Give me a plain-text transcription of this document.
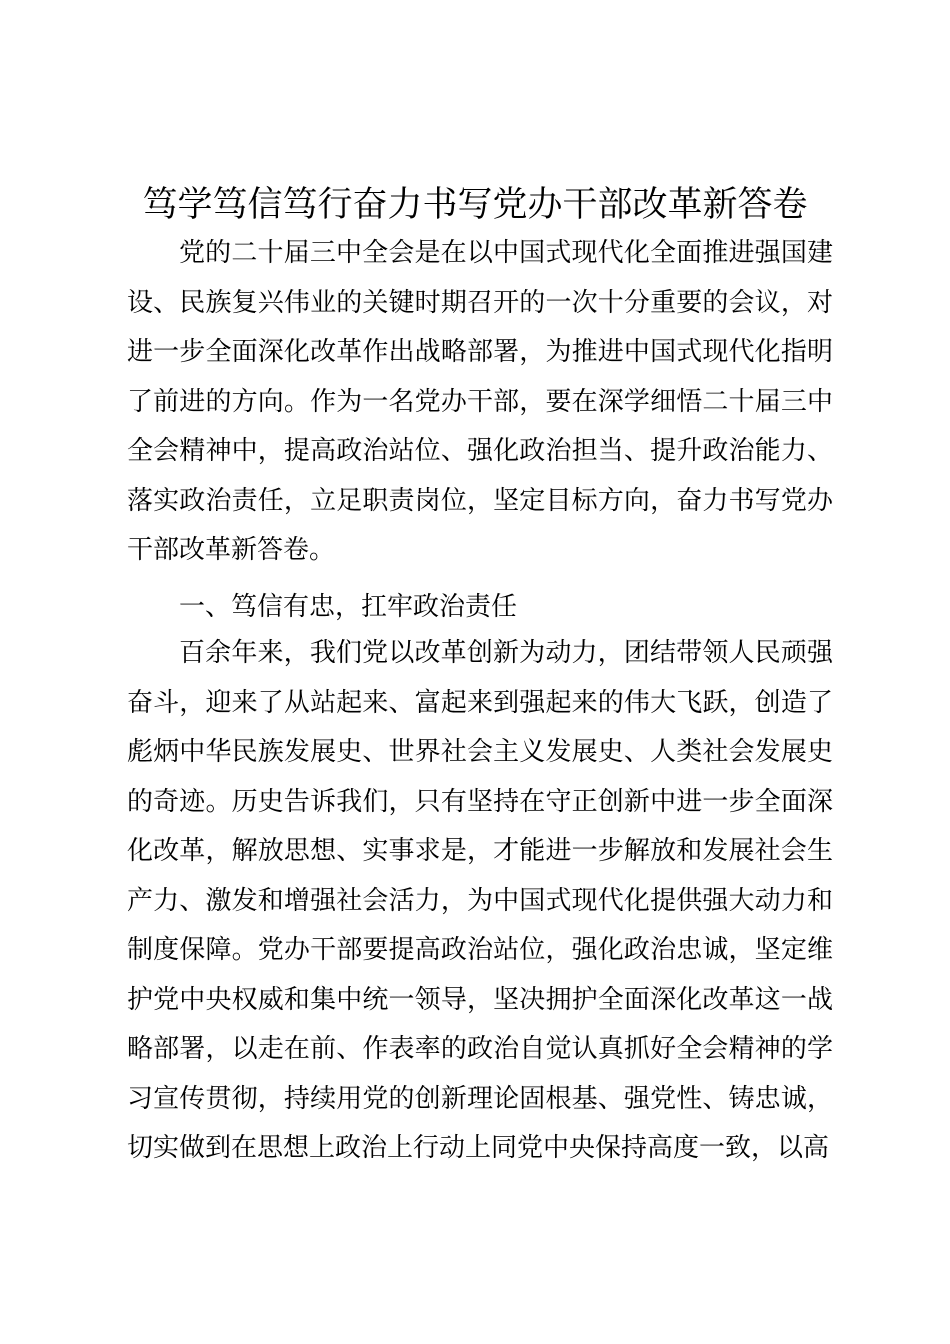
笃学笃信笃行奋力书写党办干部改革新答卷

党的二十届三中全会是在以中国式现代化全面推进强国建设、民族复兴伟业的关键时期召开的一次十分重要的会议，对进一步全面深化改革作出战略部署，为推进中国式现代化指明了前进的方向。作为一名党办干部，要在深学细悟二十届三中全会精神中，提高政治站位、强化政治担当、提升政治能力、落实政治责任，立足职责岗位，坚定目标方向，奋力书写党办干部改革新答卷。

一、笃信有忠，扛牢政治责任

百余年来，我们党以改革创新为动力，团结带领人民顽强奋斗，迎来了从站起来、富起来到强起来的伟大飞跃，创造了彪炳中华民族发展史、世界社会主义发展史、人类社会发展史的奇迹。历史告诉我们，只有坚持在守正创新中进一步全面深化改革，解放思想、实事求是，才能进一步解放和发展社会生产力、激发和增强社会活力，为中国式现代化提供强大动力和制度保障。党办干部要提高政治站位，强化政治忠诚，坚定维护党中央权威和集中统一领导，坚决拥护全面深化改革这一战略部署，以走在前、作表率的政治自觉认真抓好全会精神的学习宣传贯彻，持续用党的创新理论固根基、强党性、铸忠诚，切实做到在思想上政治上行动上同党中央保持高度一致，以高
